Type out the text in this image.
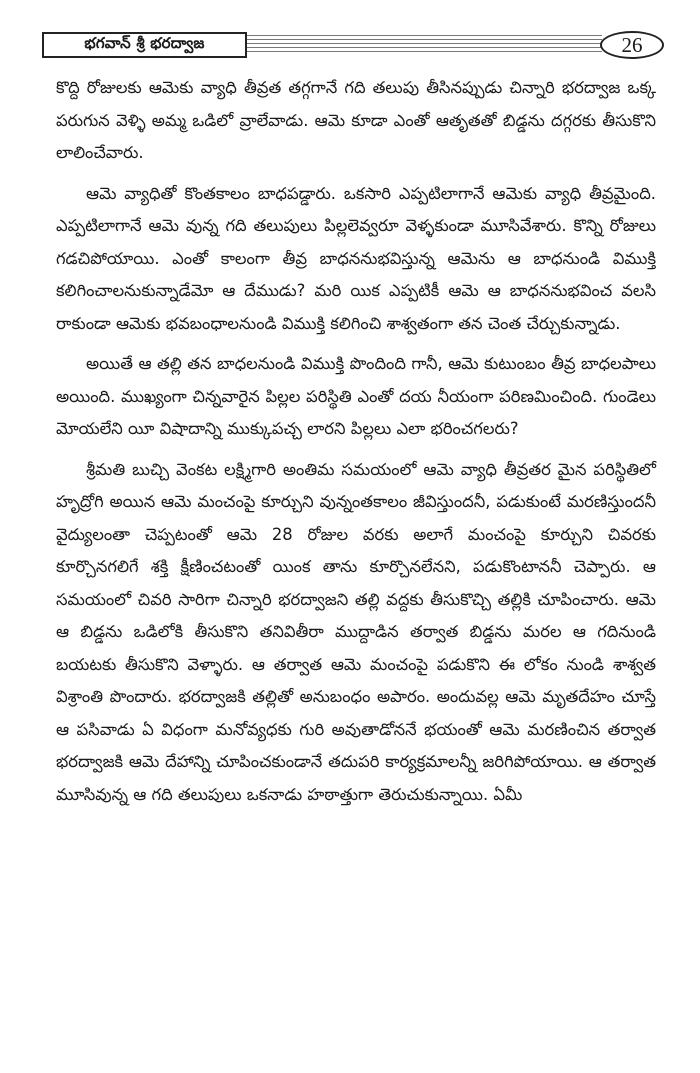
భగవాన్ శ్రీ భరద్వాజ	26

కొద్ది రోజులకు ఆమెకు వ్యాధి తీవ్రత తగ్గగానే గది తలుపు తీసినప్పుడు చిన్నారి భరద్వాజ ఒక్క పరుగున వెళ్ళి అమ్మ ఒడిలో వ్రాలేవాడు. ఆమె కూడా ఎంతో ఆతృతతో బిడ్డను దగ్గరకు తీసుకొని లాలించేవారు.

ఆమె వ్యాధితో కొంతకాలం బాధపడ్డారు. ఒకసారి ఎప్పటిలాగానే ఆమెకు వ్యాధి తీవ్రమైంది. ఎప్పటిలాగానే ఆమె వున్న గది తలుపులు పిల్లలెవ్వరూ వెళ్ళకుండా మూసివేశారు. కొన్ని రోజులు గడచిపోయాయి. ఎంతో కాలంగా తీవ్ర బాధననుభవిస్తున్న ఆమెను ఆ బాధనుండి విముక్తి కలిగించాలనుకున్నాడేమో ఆ దేముడు? మరి యిక ఎప్పటికీ ఆమె ఆ బాధననుభవించ వలసి రాకుండా ఆమెకు భవబంధాలనుండి విముక్తి కలిగించి శాశ్వతంగా తన చెంత చేర్చుకున్నాడు.

అయితే ఆ తల్లి తన బాధలనుండి విముక్తి పొందింది గానీ, ఆమె కుటుంబం తీవ్ర బాధలపాలు అయింది. ముఖ్యంగా చిన్నవారైన పిల్లల పరిస్థితి ఎంతో దయ నీయంగా పరిణమించింది. గుండెలు మోయలేని యీ విషాదాన్ని ముక్కుపచ్చ లారని పిల్లలు ఎలా భరించగలరు?

శ్రీమతి బుచ్చి వెంకట లక్ష్మిగారి అంతిమ సమయంలో ఆమె వ్యాధి తీవ్రతర మైన పరిస్థితిలో హృద్రోగి అయిన ఆమె మంచంపై కూర్చుని వున్నంతకాలం జీవిస్తుందనీ, పడుకుంటే మరణిస్తుందనీ వైద్యులంతా చెప్పటంతో ఆమె 28 రోజుల వరకు అలాగే మంచంపై కూర్చుని చివరకు కూర్చొనగలిగే శక్తి క్షీణించటంతో యింక తాను కూర్చొనలేనని, పడుకొంటాననీ చెప్పారు. ఆ సమయంలో చివరి సారిగా చిన్నారి భరద్వాజని తల్లి వద్దకు తీసుకొచ్చి తల్లికి చూపించారు. ఆమె ఆ బిడ్డను ఒడిలోకి తీసుకొని తనివితీరా ముద్దాడిన తర్వాత బిడ్డను మరల ఆ గదినుండి బయటకు తీసుకొని వెళ్ళారు. ఆ తర్వాత ఆమె మంచంపై పడుకొని ఈ లోకం నుండి శాశ్వత విశ్రాంతి పొందారు. భరద్వాజకి తల్లితో అనుబంధం అపారం. అందువల్ల ఆమె మృతదేహం చూస్తే ఆ పసివాడు ఏ విధంగా మనోవ్యధకు గురి అవుతాడోననే భయంతో ఆమె మరణించిన తర్వాత భరద్వాజకి ఆమె దేహాన్ని చూపించకుండానే తదుపరి కార్యక్రమాలన్నీ జరిగిపోయాయి. ఆ తర్వాత మూసివున్న ఆ గది తలుపులు ఒకనాడు హఠాత్తుగా తెరుచుకున్నాయి. ఏమీ
